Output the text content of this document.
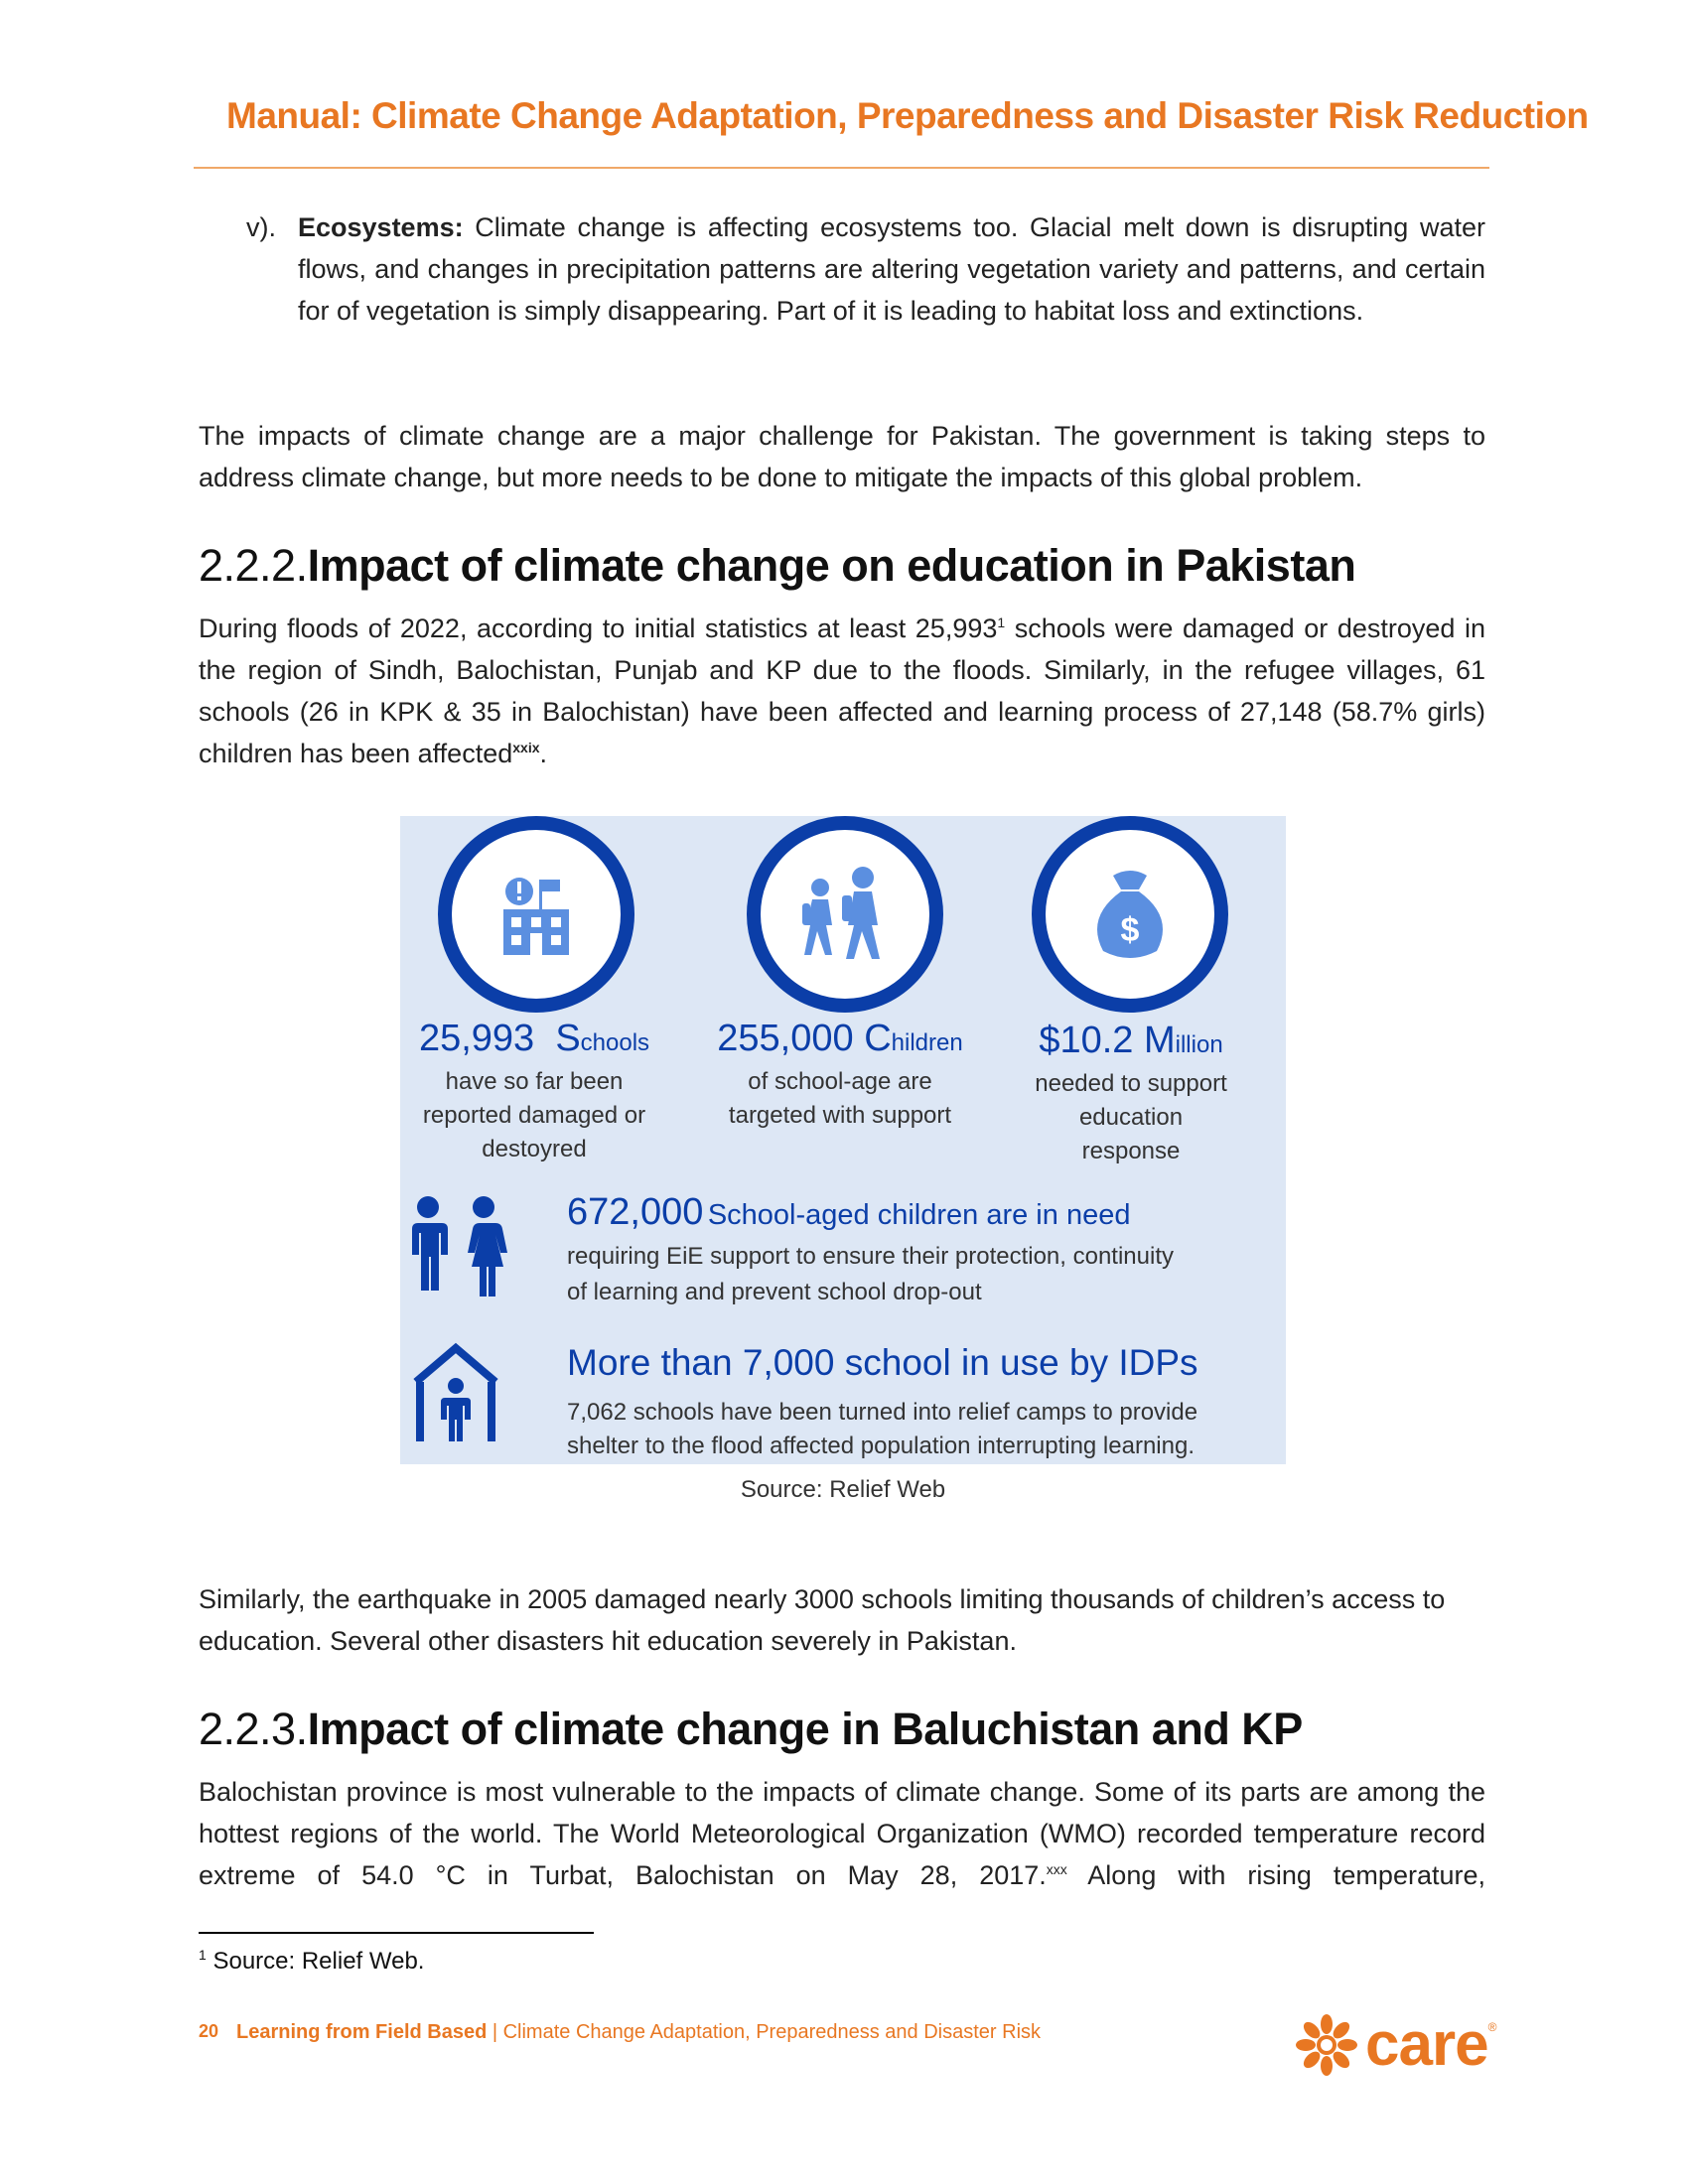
Manual: Climate Change Adaptation, Preparedness and Disaster Risk Reduction
v). Ecosystems: Climate change is affecting ecosystems too. Glacial melt down is disrupting water flows, and changes in precipitation patterns are altering vegetation variety and patterns, and certain for of vegetation is simply disappearing. Part of it is leading to habitat loss and extinctions.
The impacts of climate change are a major challenge for Pakistan. The government is taking steps to address climate change, but more needs to be done to mitigate the impacts of this global problem.
2.2.2.Impact of climate change on education in Pakistan
During floods of 2022, according to initial statistics at least 25,993$^1$ schools were damaged or destroyed in the region of Sindh, Balochistan, Punjab and KP due to the floods. Similarly, in the refugee villages, 61 schools (26 in KPK & 35 in Balochistan) have been affected and learning process of 27,148 (58.7% girls) children has been affected$^{xxix}$.
$
25,993 Schools
have so far been reported damaged or destoyred
255,000 Children
of school-age are targeted with support
$10.2 Million
needed to support education response
672,000 School-aged children are in need
requiring EiE support to ensure their protection, continuity
of learning and prevent school drop-out
More than 7,000 school in use by IDPs
7,062 schools have been turned into relief camps to provide
shelter to the flood affected population interrupting learning.
Source: Relief Web
Similarly, the earthquake in 2005 damaged nearly 3000 schools limiting thousands of children’s access to education. Several other disasters hit education severely in Pakistan.
2.2.3.Impact of climate change in Baluchistan and KP
Balochistan province is most vulnerable to the impacts of climate change. Some of its parts are among the hottest regions of the world. The World Meteorological Organization (WMO) recorded temperature record extreme of 54.0 °C in Turbat, Balochistan on May 28, 2017.$^{xxx}$ Along with rising temperature,
$^1$ Source: Relief Web.
20 Learning from Field Based | Climate Change Adaptation, Preparedness and Disaster Risk	care ®
